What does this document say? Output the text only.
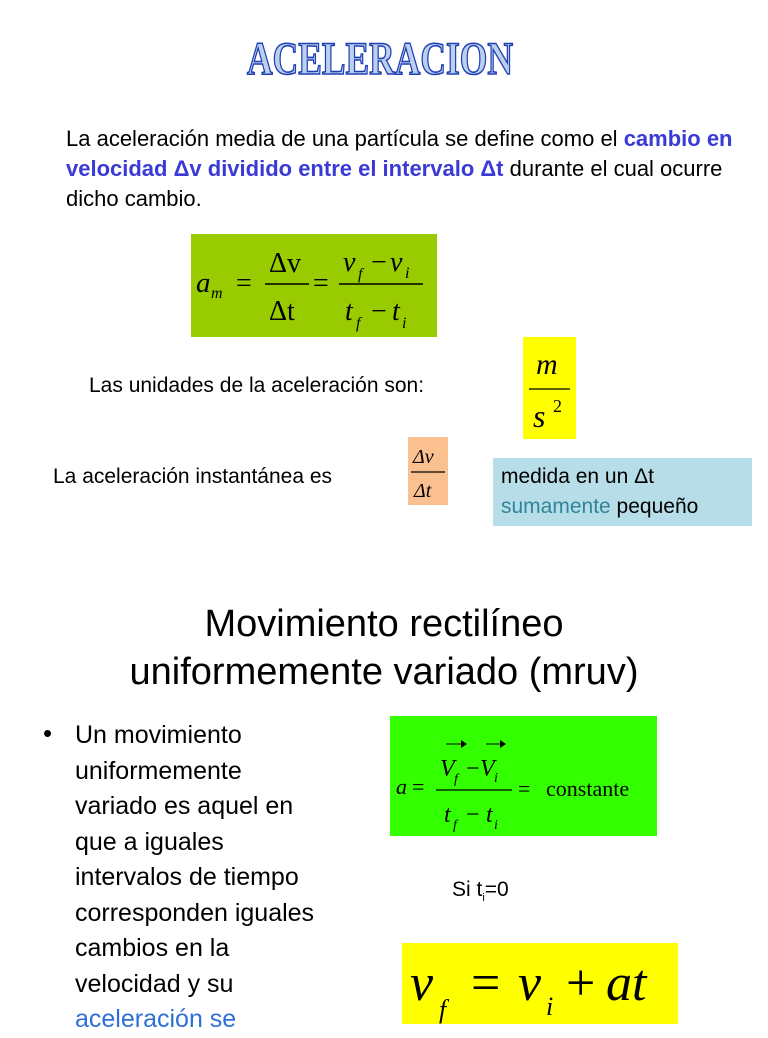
ACELERACION
La aceleración media de una partícula se define como el cambio en velocidad Δv dividido entre el intervalo Δt durante el cual ocurre dicho cambio.
a m =
Δv
Δt
=
v f − v i
t f − t i
Las unidades de la aceleración son:
m
s 2
La aceleración instantánea es
Δv
Δt
medida en un Δt
sumamente pequeño
Movimiento rectilíneo
uniformemente variado (mruv)
• Un movimiento
uniformemente
variado es aquel en
que a iguales
intervalos de tiempo
corresponden iguales
cambios en la
velocidad y su
aceleración se
a =
V f − V i
t f − t i
= constante
Si $t_i=0$
v f = v i + at
